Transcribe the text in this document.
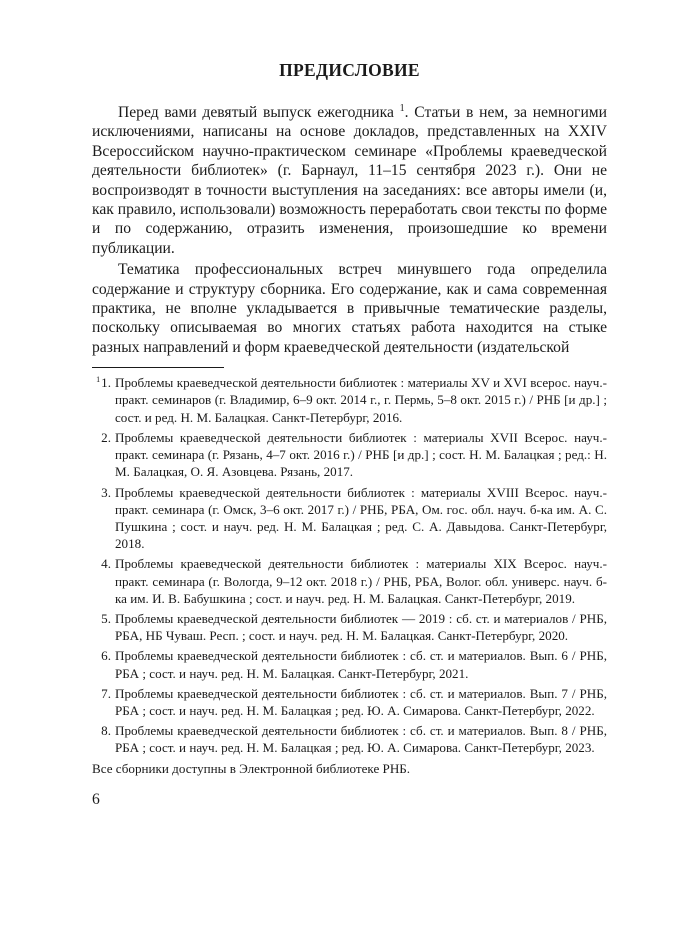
ПРЕДИСЛОВИЕ

Перед вами девятый выпуск ежегодника $^1$. Статьи в нем, за немногими исключениями, написаны на основе докладов, представленных на XXIV Всероссийском научно-практическом семинаре «Проблемы краеведческой деятельности библиотек» (г. Барнаул, 11–15 сентября 2023 г.). Они не воспроизводят в точности выступления на заседаниях: все авторы имели (и, как правило, использовали) возможность переработать свои тексты по форме и по содержанию, отразить изменения, произошедшие ко времени публикации.

Тематика профессиональных встреч минувшего года определила содержание и структуру сборника. Его содержание, как и сама современная практика, не вполне укладывается в привычные тематические разделы, поскольку описываемая во многих статьях работа находится на стыке разных направлений и форм краеведческой деятельности (издательской

$^1$1. Проблемы краеведческой деятельности библиотек : материалы XV и XVI всерос. науч.-практ. семинаров (г. Владимир, 6–9 окт. 2014 г., г. Пермь, 5–8 окт. 2015 г.) / РНБ [и др.] ; сост. и ред. Н. М. Балацкая. Санкт-Петербург, 2016.
2. Проблемы краеведческой деятельности библиотек : материалы XVII Всерос. науч.-практ. семинара (г. Рязань, 4–7 окт. 2016 г.) / РНБ [и др.] ; сост. Н. М. Балацкая ; ред.: Н. М. Балацкая, О. Я. Азовцева. Рязань, 2017.
3. Проблемы краеведческой деятельности библиотек : материалы XVIII Всерос. науч.-практ. семинара (г. Омск, 3–6 окт. 2017 г.) / РНБ, РБА, Ом. гос. обл. науч. б-ка им. А. С. Пушкина ; сост. и науч. ред. Н. М. Балацкая ; ред. С. А. Давыдова. Санкт-Петербург, 2018.
4. Проблемы краеведческой деятельности библиотек : материалы XIX Всерос. науч.-практ. семинара (г. Вологда, 9–12 окт. 2018 г.) / РНБ, РБА, Волог. обл. универс. науч. б-ка им. И. В. Бабушкина ; сост. и науч. ред. Н. М. Балацкая. Санкт-Петербург, 2019.
5. Проблемы краеведческой деятельности библиотек — 2019 : сб. ст. и материалов / РНБ, РБА, НБ Чуваш. Респ. ; сост. и науч. ред. Н. М. Балацкая. Санкт-Петербург, 2020.
6. Проблемы краеведческой деятельности библиотек : сб. ст. и материалов. Вып. 6 / РНБ, РБА ; сост. и науч. ред. Н. М. Балацкая. Санкт-Петербург, 2021.
7. Проблемы краеведческой деятельности библиотек : сб. ст. и материалов. Вып. 7 / РНБ, РБА ; сост. и науч. ред. Н. М. Балацкая ; ред. Ю. А. Симарова. Санкт-Петербург, 2022.
8. Проблемы краеведческой деятельности библиотек : сб. ст. и материалов. Вып. 8 / РНБ, РБА ; сост. и науч. ред. Н. М. Балацкая ; ред. Ю. А. Симарова. Санкт-Петербург, 2023.
Все сборники доступны в Электронной библиотеке РНБ.
6
